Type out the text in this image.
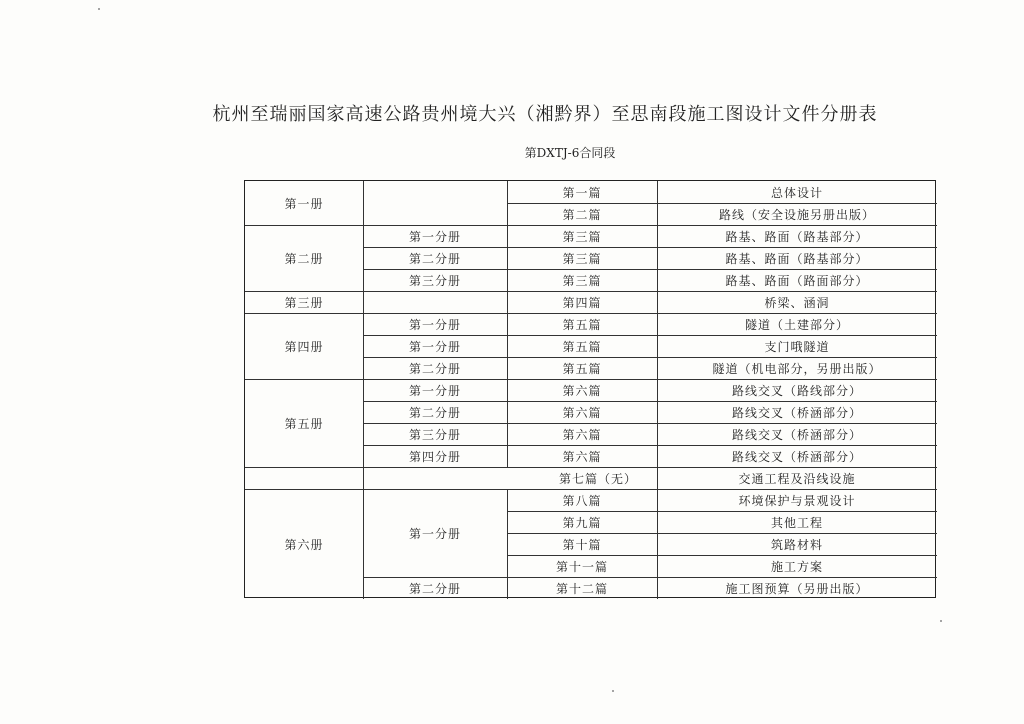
杭州至瑞丽国家高速公路贵州境大兴（湘黔界）至思南段施工图设计文件分册表
第DXTJ-6合同段
第一册
第二册
第三册
第四册
第五册
第六册
第一分册
第二分册
第三分册
第一分册
第一分册
第二分册
第一分册
第二分册
第三分册
第四分册
第一分册
第二分册
第一篇
第二篇
第三篇
第三篇
第三篇
第四篇
第五篇
第五篇
第五篇
第六篇
第六篇
第六篇
第六篇
第七篇（无）
第八篇
第九篇
第十篇
第十一篇
第十二篇
总体设计
路线（安全设施另册出版）
路基、路面（路基部分）
路基、路面（路基部分）
路基、路面（路面部分）
桥梁、涵洞
隧道（土建部分）
支门哦隧道
隧道（机电部分，另册出版）
路线交叉（路线部分）
路线交叉（桥涵部分）
路线交叉（桥涵部分）
路线交叉（桥涵部分）
交通工程及沿线设施
环境保护与景观设计
其他工程
筑路材料
施工方案
施工图预算（另册出版）
